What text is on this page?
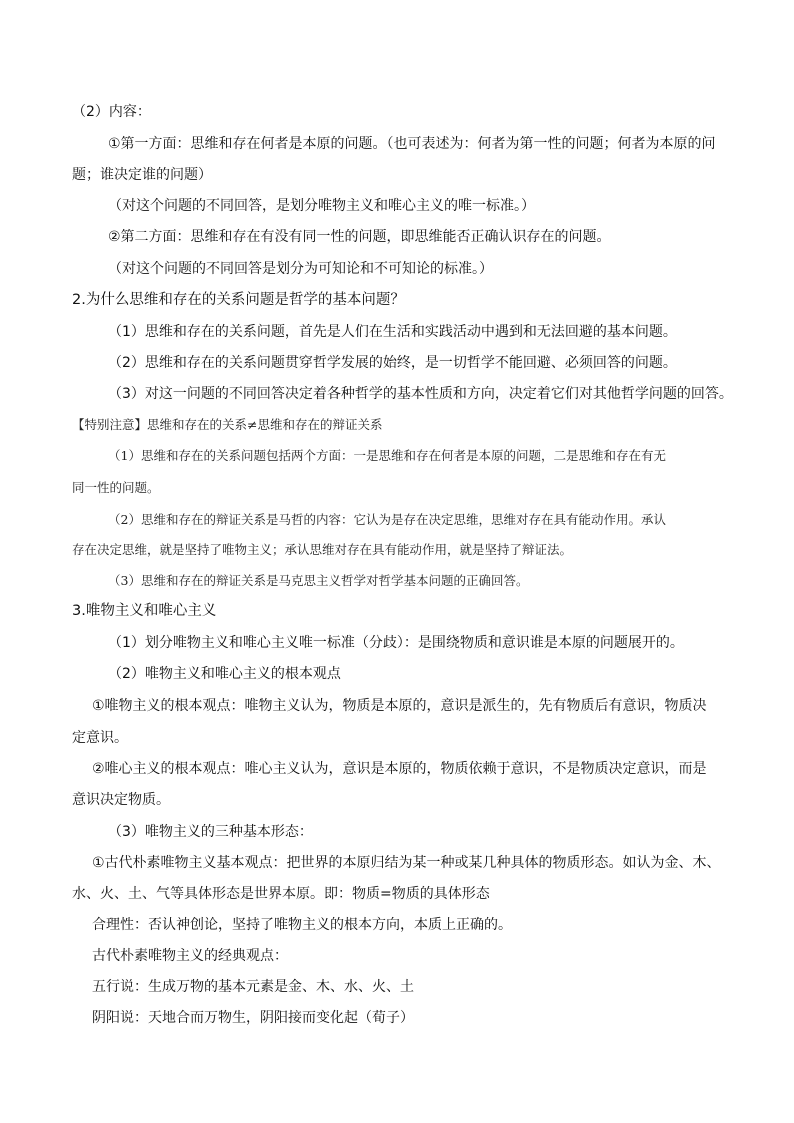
（2）内容：
①第一方面：思维和存在何者是本原的问题。（也可表述为：何者为第一性的问题；何者为本原的问
题；谁决定谁的问题）
（对这个问题的不同回答，是划分唯物主义和唯心主义的唯一标准。）
②第二方面：思维和存在有没有同一性的问题，即思维能否正确认识存在的问题。
（对这个问题的不同回答是划分为可知论和不可知论的标准。）
2.为什么思维和存在的关系问题是哲学的基本问题？
（1）思维和存在的关系问题，首先是人们在生活和实践活动中遇到和无法回避的基本问题。
（2）思维和存在的关系问题贯穿哲学发展的始终，是一切哲学不能回避、必须回答的问题。
（3）对这一问题的不同回答决定着各种哲学的基本性质和方向，决定着它们对其他哲学问题的回答。
【特别注意】思维和存在的关系≠思维和存在的辩证关系
（1）思维和存在的关系问题包括两个方面：一是思维和存在何者是本原的问题，二是思维和存在有无
同一性的问题。
（2）思维和存在的辩证关系是马哲的内容：它认为是存在决定思维，思维对存在具有能动作用。承认
存在决定思维，就是坚持了唯物主义；承认思维对存在具有能动作用，就是坚持了辩证法。
（3）思维和存在的辩证关系是马克思主义哲学对哲学基本问题的正确回答。
3.唯物主义和唯心主义
（1）划分唯物主义和唯心主义唯一标准（分歧）：是围绕物质和意识谁是本原的问题展开的。
（2）唯物主义和唯心主义的根本观点
①唯物主义的根本观点：唯物主义认为，物质是本原的，意识是派生的，先有物质后有意识，物质决
定意识。
②唯心主义的根本观点：唯心主义认为，意识是本原的，物质依赖于意识，不是物质决定意识，而是
意识决定物质。
（3）唯物主义的三种基本形态：
①古代朴素唯物主义基本观点：把世界的本原归结为某一种或某几种具体的物质形态。如认为金、木、
水、火、土、气等具体形态是世界本原。即：物质=物质的具体形态
合理性：否认神创论，坚持了唯物主义的根本方向，本质上正确的。
古代朴素唯物主义的经典观点：
五行说：生成万物的基本元素是金、木、水、火、土
阴阳说：天地合而万物生，阴阳接而变化起（荀子）
